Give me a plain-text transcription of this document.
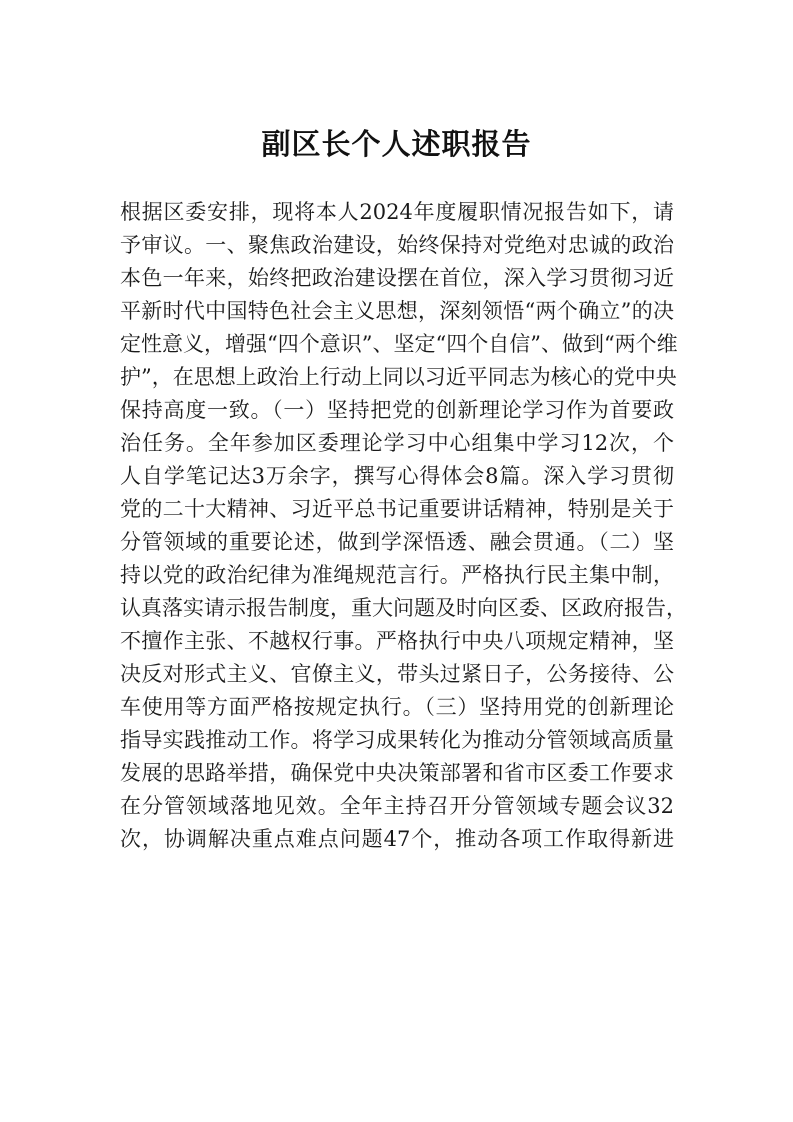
副区长个人述职报告
根据区委安排，现将本人2024年度履职情况报告如下，请
予审议。一、聚焦政治建设，始终保持对党绝对忠诚的政治
本色一年来，始终把政治建设摆在首位，深入学习贯彻习近
平新时代中国特色社会主义思想，深刻领悟“两个确立”的决
定性意义，增强“四个意识”、坚定“四个自信”、做到“两个维
护”，在思想上政治上行动上同以习近平同志为核心的党中央
保持高度一致。（一）坚持把党的创新理论学习作为首要政
治任务。全年参加区委理论学习中心组集中学习12次，个
人自学笔记达3万余字，撰写心得体会8篇。深入学习贯彻
党的二十大精神、习近平总书记重要讲话精神，特别是关于
分管领域的重要论述，做到学深悟透、融会贯通。（二）坚
持以党的政治纪律为准绳规范言行。严格执行民主集中制，
认真落实请示报告制度，重大问题及时向区委、区政府报告，
不擅作主张、不越权行事。严格执行中央八项规定精神，坚
决反对形式主义、官僚主义，带头过紧日子，公务接待、公
车使用等方面严格按规定执行。（三）坚持用党的创新理论
指导实践推动工作。将学习成果转化为推动分管领域高质量
发展的思路举措，确保党中央决策部署和省市区委工作要求
在分管领域落地见效。全年主持召开分管领域专题会议32
次，协调解决重点难点问题47个，推动各项工作取得新进
